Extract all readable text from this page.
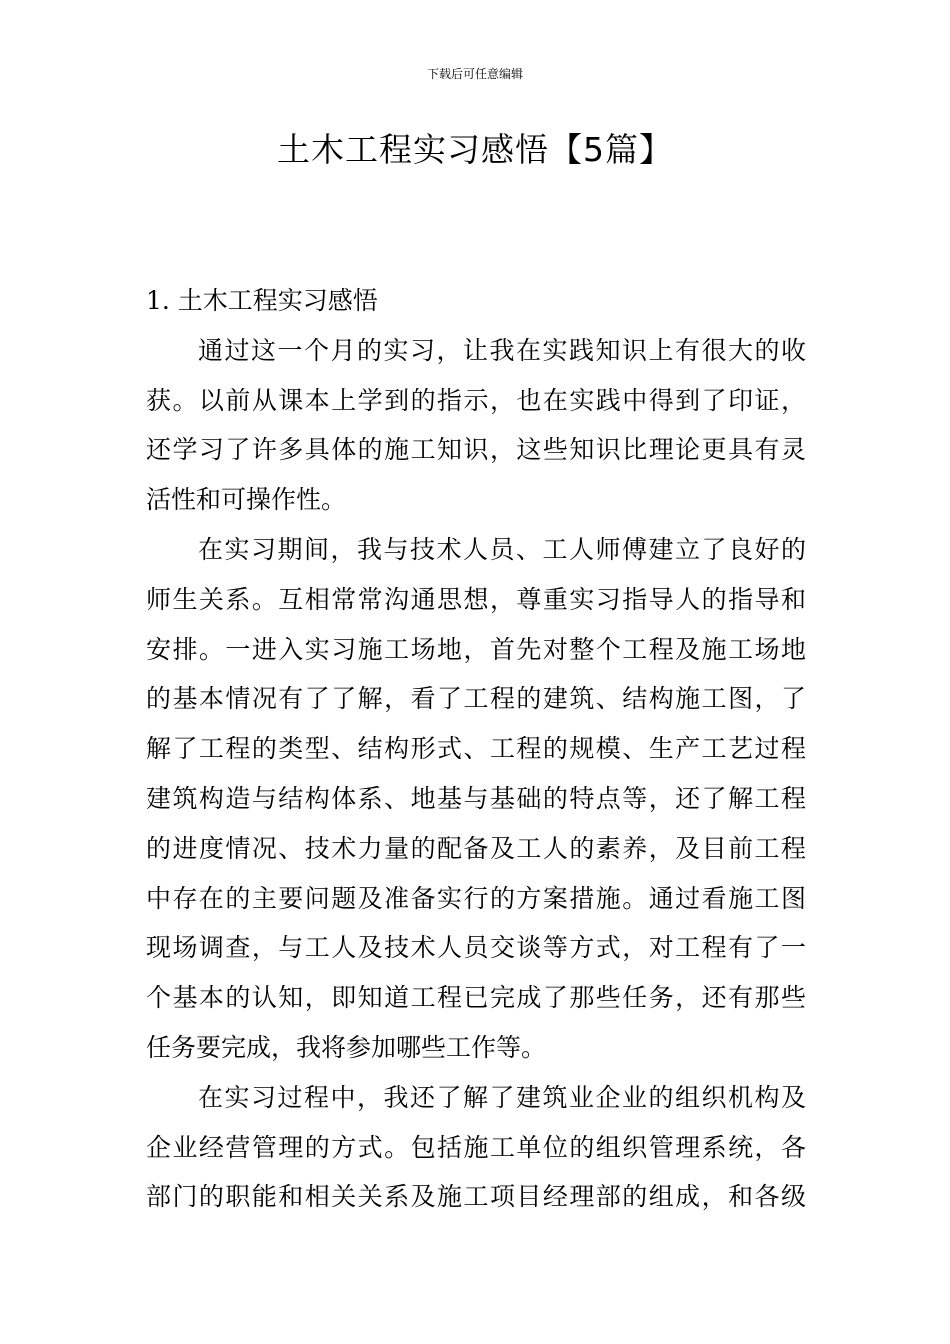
下载后可任意编辑
土木工程实习感悟【5篇】
1. 土木工程实习感悟
通过这一个月的实习，让我在实践知识上有很大的收
获。以前从课本上学到的指示，也在实践中得到了印证，
还学习了许多具体的施工知识，这些知识比理论更具有灵
活性和可操作性。
在实习期间，我与技术人员、工人师傅建立了良好的
师生关系。互相常常沟通思想，尊重实习指导人的指导和
安排。一进入实习施工场地，首先对整个工程及施工场地
的基本情况有了了解，看了工程的建筑、结构施工图，了
解了工程的类型、结构形式、工程的规模、生产工艺过程
建筑构造与结构体系、地基与基础的特点等，还了解工程
的进度情况、技术力量的配备及工人的素养，及目前工程
中存在的主要问题及准备实行的方案措施。通过看施工图
现场调查，与工人及技术人员交谈等方式，对工程有了一
个基本的认知，即知道工程已完成了那些任务，还有那些
任务要完成，我将参加哪些工作等。
在实习过程中，我还了解了建筑业企业的组织机构及
企业经营管理的方式。包括施工单位的组织管理系统，各
部门的职能和相关关系及施工项目经理部的组成，和各级
